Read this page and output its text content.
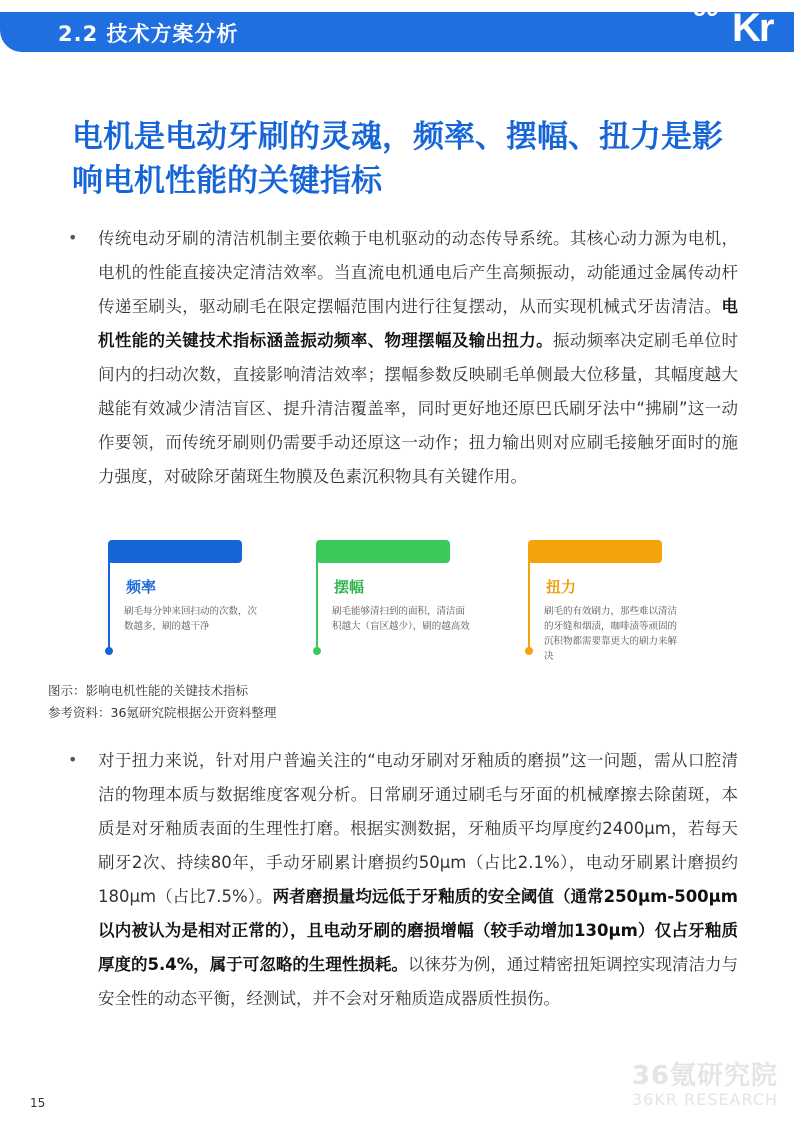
2.2 技术方案分析
36 Kr
电机是电动牙刷的灵魂，频率、摆幅、扭力是影响电机性能的关键指标
• 传统电动牙刷的清洁机制主要依赖于电机驱动的动态传导系统。其核心动力源为电机，电机的性能直接决定清洁效率。当直流电机通电后产生高频振动，动能通过金属传动杆传递至刷头，驱动刷毛在限定摆幅范围内进行往复摆动，从而实现机械式牙齿清洁。电机性能的关键技术指标涵盖振动频率、物理摆幅及输出扭力。振动频率决定刷毛单位时间内的扫动次数，直接影响清洁效率；摆幅参数反映刷毛单侧最大位移量，其幅度越大越能有效减少清洁盲区、提升清洁覆盖率，同时更好地还原巴氏刷牙法中“拂刷”这一动作要领，而传统牙刷则仍需要手动还原这一动作；扭力输出则对应刷毛接触牙面时的施力强度，对破除牙菌斑生物膜及色素沉积物具有关键作用。

频率
刷毛每分钟来回扫动的次数，次数越多，刷的越干净
摆幅
刷毛能够清扫到的面积，清洁面积越大（盲区越少），刷的越高效
扭力
刷毛的有效刷力，那些难以清洁的牙缝和烟渍，咖啡渍等顽固的沉积物都需要靠更大的刷力来解决
图示：影响电机性能的关键技术指标
参考资料：36氪研究院根据公开资料整理
• 对于扭力来说，针对用户普遍关注的“电动牙刷对牙釉质的磨损”这一问题，需从口腔清洁的物理本质与数据维度客观分析。日常刷牙通过刷毛与牙面的机械摩擦去除菌斑，本质是对牙釉质表面的生理性打磨。根据实测数据，牙釉质平均厚度约2400μm，若每天刷牙2次、持续80年，手动牙刷累计磨损约50μm（占比2.1%），电动牙刷累计磨损约180μm（占比7.5%）。两者磨损量均远低于牙釉质的安全阈值（通常250μm-500μm以内被认为是相对正常的），且电动牙刷的磨损增幅（较手动增加130μm）仅占牙釉质厚度的5.4%，属于可忽略的生理性损耗。以徕芬为例，通过精密扭矩调控实现清洁力与安全性的动态平衡，经测试，并不会对牙釉质造成器质性损伤。

36氪研究院
36KR RESEARCH
15
